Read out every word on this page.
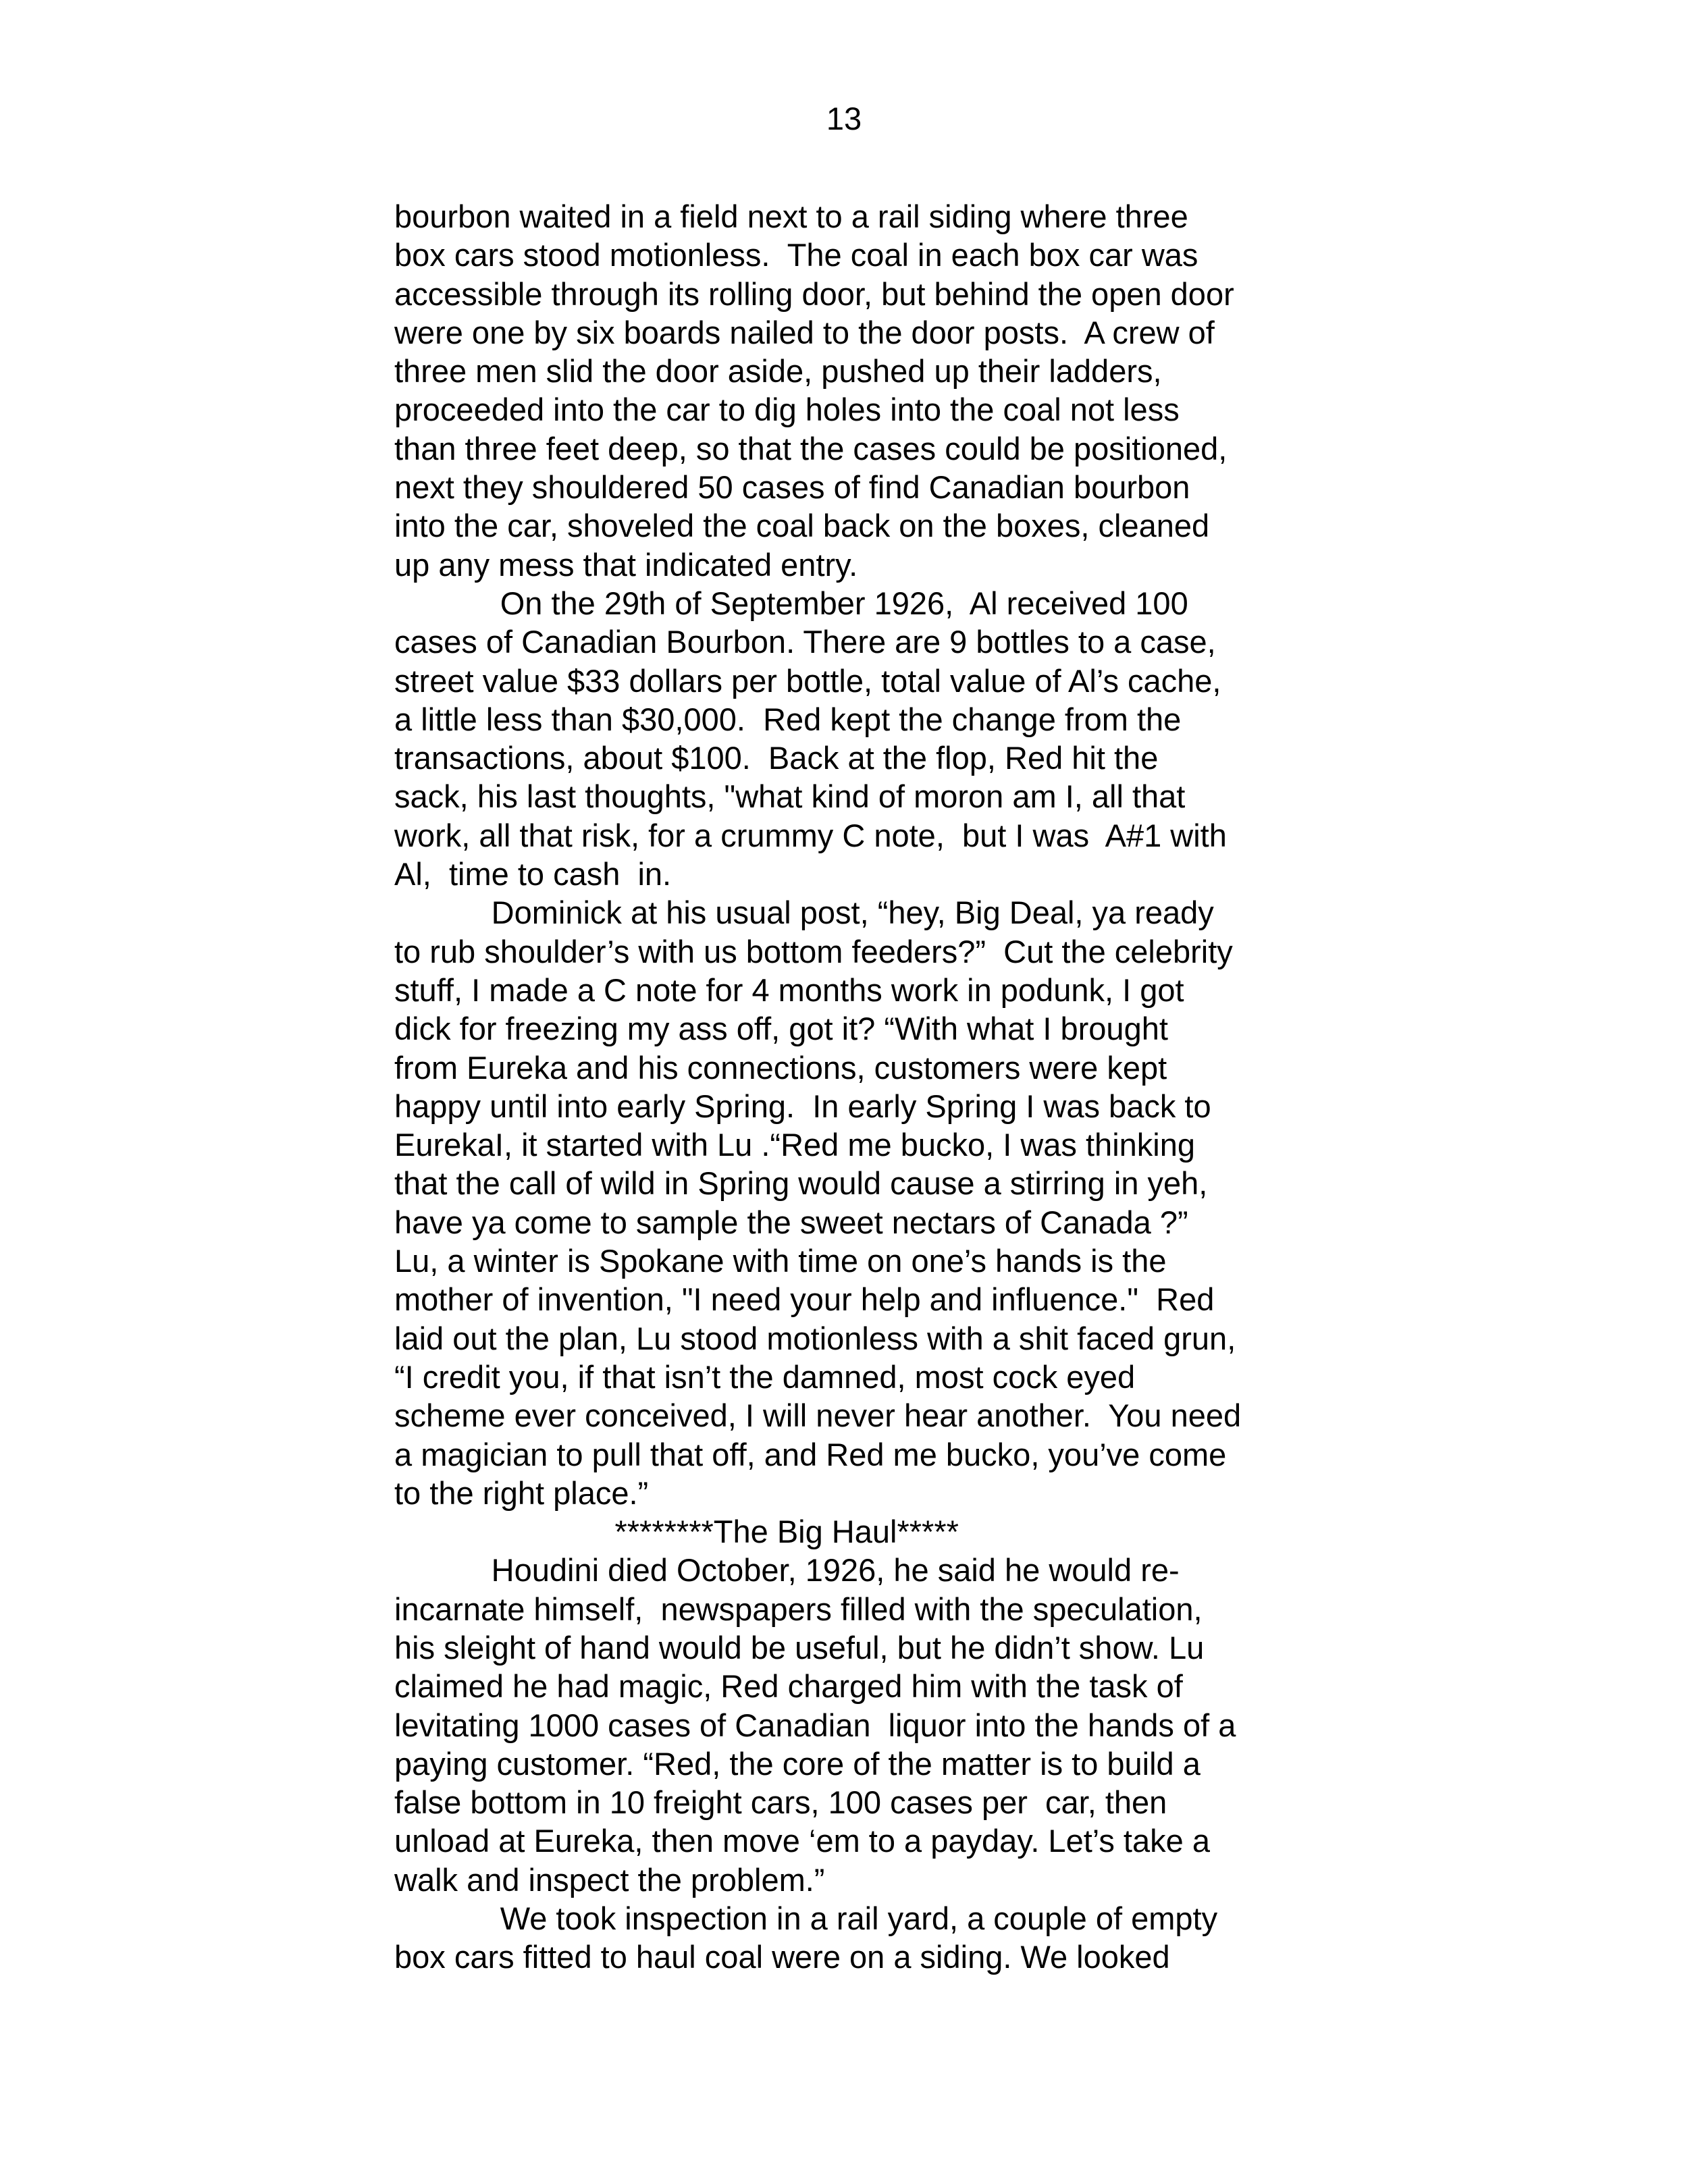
13
bourbon waited in a field next to a rail siding where three
box cars stood motionless.  The coal in each box car was
accessible through its rolling door, but behind the open door
were one by six boards nailed to the door posts.  A crew of
three men slid the door aside, pushed up their ladders,
proceeded into the car to dig holes into the coal not less
than three feet deep, so that the cases could be positioned,
next they shouldered 50 cases of find Canadian bourbon
into the car, shoveled the coal back on the boxes, cleaned
up any mess that indicated entry.
On the 29th of September 1926,  Al received 100
cases of Canadian Bourbon. There are 9 bottles to a case,
street value $33 dollars per bottle, total value of Al’s cache,
a little less than $30,000.  Red kept the change from the
transactions, about $100.  Back at the flop, Red hit the
sack, his last thoughts, "what kind of moron am I, all that
work, all that risk, for a crummy C note,  but I was  A#1 with
Al,  time to cash  in.
Dominick at his usual post, “hey, Big Deal, ya ready
to rub shoulder’s with us bottom feeders?”  Cut the celebrity
stuff, I made a C note for 4 months work in podunk, I got
dick for freezing my ass off, got it? “With what I brought
from Eureka and his connections, customers were kept
happy until into early Spring.  In early Spring I was back to
EurekaI, it started with Lu .“Red me bucko, I was thinking
that the call of wild in Spring would cause a stirring in yeh,
have ya come to sample the sweet nectars of Canada ?”
Lu, a winter is Spokane with time on one’s hands is the
mother of invention, "I need your help and influence."  Red
laid out the plan, Lu stood motionless with a shit faced grun,
“I credit you, if that isn’t the damned, most cock eyed
scheme ever conceived, I will never hear another.  You need
a magician to pull that off, and Red me bucko, you’ve come
to the right place.”
********The Big Haul*****
Houdini died October, 1926, he said he would re-
incarnate himself,  newspapers filled with the speculation,
his sleight of hand would be useful, but he didn’t show. Lu
claimed he had magic, Red charged him with the task of
levitating 1000 cases of Canadian  liquor into the hands of a
paying customer. “Red, the core of the matter is to build a
false bottom in 10 freight cars, 100 cases per  car, then
unload at Eureka, then move ‘em to a payday. Let’s take a
walk and inspect the problem.”
We took inspection in a rail yard, a couple of empty
box cars fitted to haul coal were on a siding. We looked
